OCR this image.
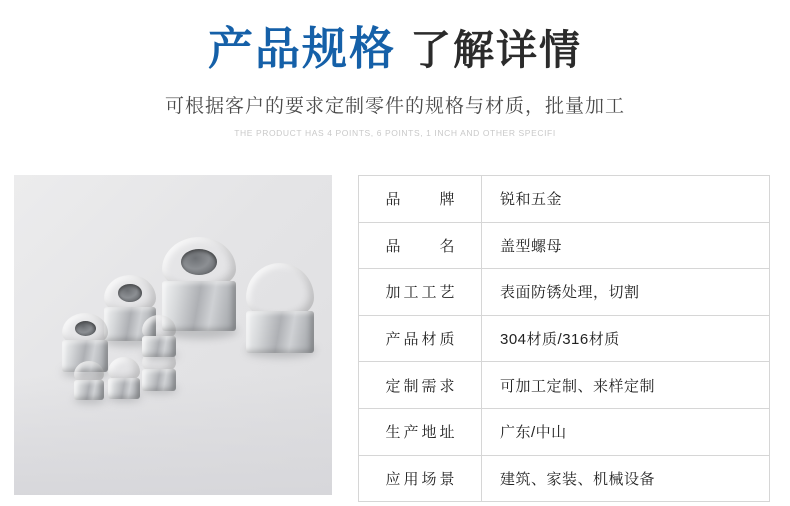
产品规格 了解详情
可根据客户的要求定制零件的规格与材质，批量加工
THE PRODUCT HAS 4 POINTS, 6 POINTS, 1 INCH AND OTHER SPECIFI
品　　牌	锐和五金
品　　名	盖型螺母
加工工艺	表面防锈处理，切割
产品材质	304材质/316材质
定制需求	可加工定制、来样定制
生产地址	广东/中山
应用场景	建筑、家装、机械设备
